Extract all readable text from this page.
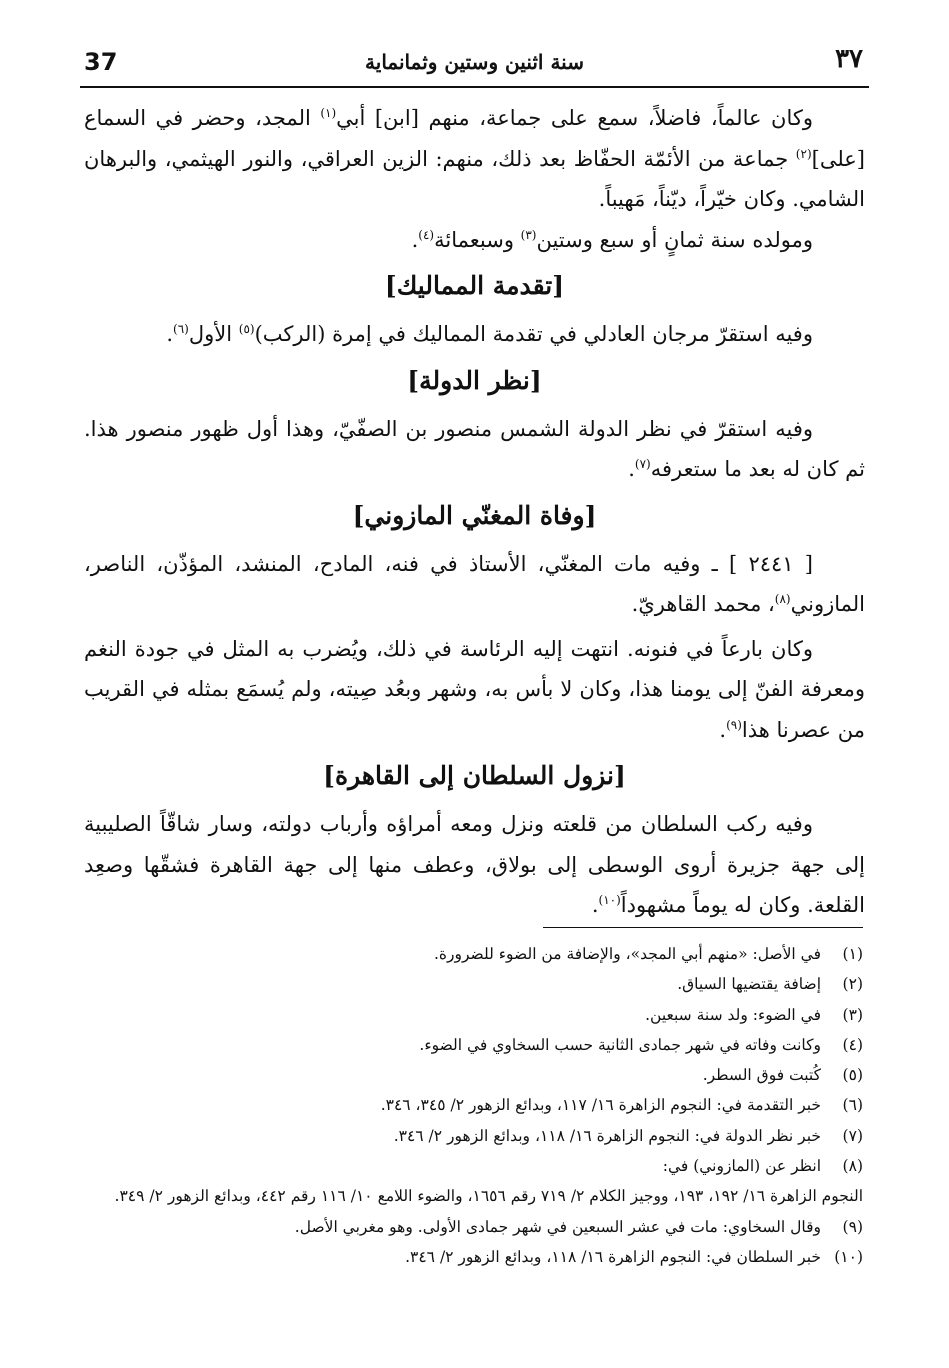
37	سنة اثنين وستين وثمانماية	٣٧

وكان عالماً، فاضلاً، سمع على جماعة، منهم [ابن] أبي$^{(١)}$ المجد، وحضر في السماع [على]$^{(٢)}$ جماعة من الأئمّة الحفّاظ بعد ذلك، منهم: الزين العراقي، والنور الهيثمي، والبرهان الشامي. وكان خيّراً، ديّناً، مَهيباً.

ومولده سنة ثمانٍ أو سبع وستين$^{(٣)}$ وسبعمائة$^{(٤)}$.

[تقدمة المماليك]

وفيه استقرّ مرجان العادلي في تقدمة المماليك في إمرة (الركب)$^{(٥)}$ الأول$^{(٦)}$.

[نظر الدولة]

وفيه استقرّ في نظر الدولة الشمس منصور بن الصفّيّ، وهذا أول ظهور منصور هذا. ثم كان له بعد ما ستعرفه$^{(٧)}$.

[وفاة المغنّي المازوني]

[ ٢٤٤١ ] ـ وفيه مات المغنّي، الأستاذ في فنه، المادح، المنشد، المؤذّن، الناصر، المازوني$^{(٨)}$، محمد القاهريّ.

وكان بارعاً في فنونه. انتهت إليه الرئاسة في ذلك، ويُضرب به المثل في جودة النغم ومعرفة الفنّ إلى يومنا هذا، وكان لا بأس به، وشهر وبعُد صِيته، ولم يُسمَع بمثله في القريب من عصرنا هذا$^{(٩)}$.

[نزول السلطان إلى القاهرة]

وفيه ركب السلطان من قلعته ونزل ومعه أمراؤه وأرباب دولته، وسار شاقّاً الصليبية إلى جهة جزيرة أروى الوسطى إلى بولاق، وعطف منها إلى جهة القاهرة فشقّها وصعِد القلعة. وكان له يوماً مشهوداً$^{(١٠)}$.

(١)
في الأصل: «منهم أبي المجد»، والإضافة من الضوء للضرورة.
(٢)
إضافة يقتضيها السياق.
(٣)
في الضوء: ولد سنة سبعين.
(٤)
وكانت وفاته في شهر جمادى الثانية حسب السخاوي في الضوء.
(٥)
كُتبت فوق السطر.
(٦)
خبر التقدمة في: النجوم الزاهرة ١٦/ ١١٧، وبدائع الزهور ٢/ ٣٤٥، ٣٤٦.
(٧)
خبر نظر الدولة في: النجوم الزاهرة ١٦/ ١١٨، وبدائع الزهور ٢/ ٣٤٦.
(٨)
انظر عن (المازوني) في:
النجوم الزاهرة ١٦/ ١٩٢، ١٩٣، ووجيز الكلام ٢/ ٧١٩ رقم ١٦٥٦، والضوء اللامع ١٠/ ١١٦ رقم ٤٤٢، وبدائع الزهور ٢/ ٣٤٩.
(٩)
وقال السخاوي: مات في عشر السبعين في شهر جمادى الأولى. وهو مغربي الأصل.
(١٠)
خبر السلطان في: النجوم الزاهرة ١٦/ ١١٨، وبدائع الزهور ٢/ ٣٤٦.
